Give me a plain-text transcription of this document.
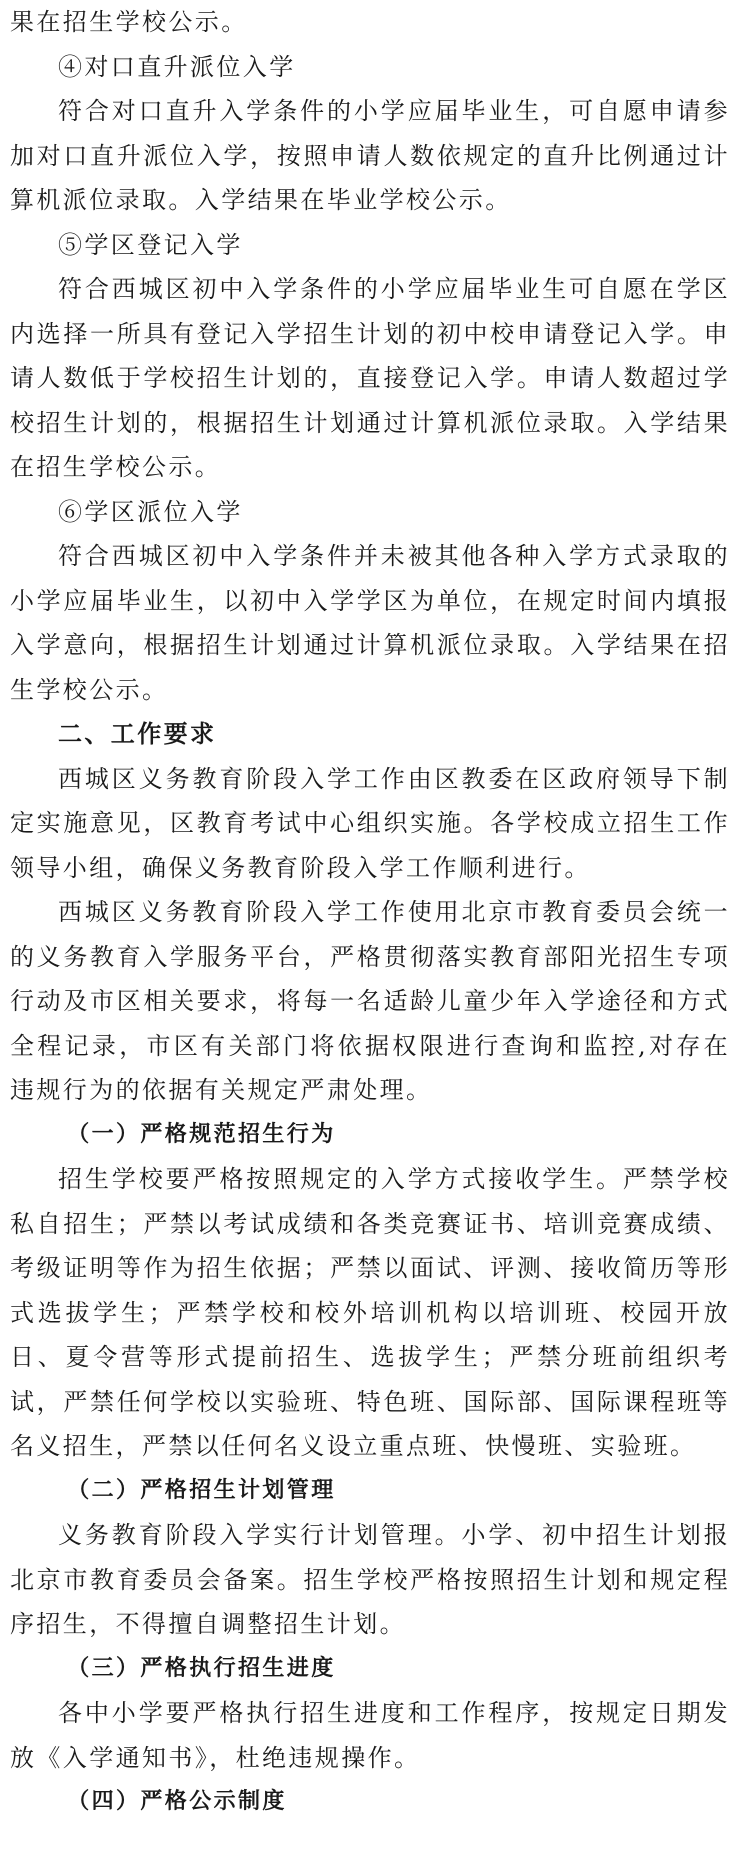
果在招生学校公示。

④对口直升派位入学

符合对口直升入学条件的小学应届毕业生，可自愿申请参加对口直升派位入学，按照申请人数依规定的直升比例通过计算机派位录取。入学结果在毕业学校公示。

⑤学区登记入学

符合西城区初中入学条件的小学应届毕业生可自愿在学区内选择一所具有登记入学招生计划的初中校申请登记入学。申请人数低于学校招生计划的，直接登记入学。申请人数超过学校招生计划的，根据招生计划通过计算机派位录取。入学结果在招生学校公示。

⑥学区派位入学

符合西城区初中入学条件并未被其他各种入学方式录取的小学应届毕业生，以初中入学学区为单位，在规定时间内填报入学意向，根据招生计划通过计算机派位录取。入学结果在招生学校公示。

二、工作要求

西城区义务教育阶段入学工作由区教委在区政府领导下制定实施意见，区教育考试中心组织实施。各学校成立招生工作领导小组，确保义务教育阶段入学工作顺利进行。

西城区义务教育阶段入学工作使用北京市教育委员会统一的义务教育入学服务平台，严格贯彻落实教育部阳光招生专项行动及市区相关要求，将每一名适龄儿童少年入学途径和方式全程记录，市区有关部门将依据权限进行查询和监控,对存在违规行为的依据有关规定严肃处理。

（一）严格规范招生行为

招生学校要严格按照规定的入学方式接收学生。严禁学校私自招生；严禁以考试成绩和各类竞赛证书、培训竞赛成绩、考级证明等作为招生依据；严禁以面试、评测、接收简历等形式选拔学生；严禁学校和校外培训机构以培训班、校园开放日、夏令营等形式提前招生、选拔学生；严禁分班前组织考试，严禁任何学校以实验班、特色班、国际部、国际课程班等名义招生，严禁以任何名义设立重点班、快慢班、实验班。

（二）严格招生计划管理

义务教育阶段入学实行计划管理。小学、初中招生计划报北京市教育委员会备案。招生学校严格按照招生计划和规定程序招生，不得擅自调整招生计划。

（三）严格执行招生进度

各中小学要严格执行招生进度和工作程序，按规定日期发放《入学通知书》，杜绝违规操作。

（四）严格公示制度
